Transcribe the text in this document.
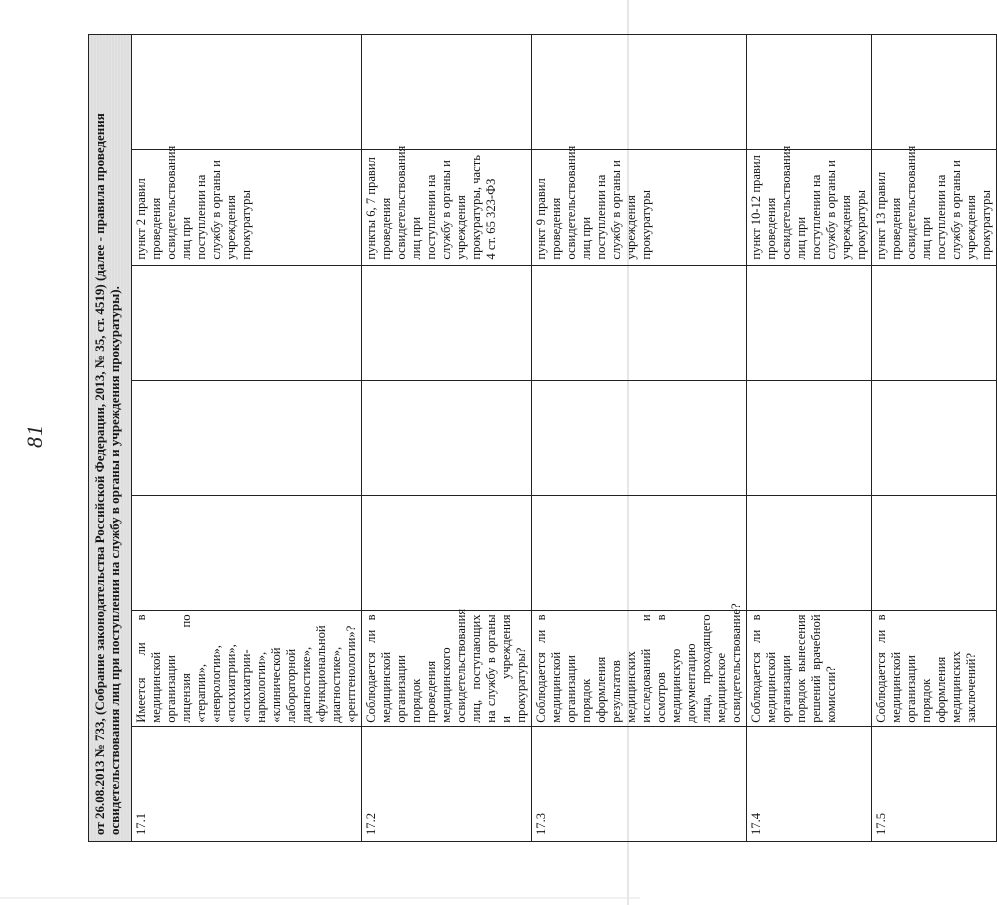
81	от 26.08.2013 № 733, (Собрание законодательства Российской Федерации, 2013, № 35, ст. 4519) (далее - правила проведения освидетельствования лиц при поступлении на службу в органы и учреждения прокуратуры).						
17.1	Имеется ли в медицинской организации лицензия по «терапии», «неврологии», «психиатрии», «психиатрии-наркологии», «клинической лабораторной диагностике», «функциональной диагностике», «рентгенологии»?				пункт 2 правил проведения освидетельствования лиц при поступлении на службу в органы и учреждения прокуратуры	
17.2	Соблюдается ли в медицинской организации порядок проведения медицинского освидетельствования лиц, поступающих на службу в органы и учреждения прокуратуры?				пункты 6, 7 правил проведения освидетельствования лиц при поступлении на службу в органы и учреждения прокуратуры, часть 4 ст. 65 323-ФЗ	
17.3	Соблюдается ли в медицинской организации порядок оформления результатов медицинских исследований и осмотров в медицинскую документацию лица, проходящего медицинское освидетельствование?				пункт 9 правил проведения освидетельствования лиц при поступлении на службу в органы и учреждения прокуратуры	
17.4	Соблюдается ли в медицинской организации порядок вынесения решений врачебной комиссии?				пункт 10-12 правил проведения освидетельствования лиц при поступлении на службу в органы и учреждения прокуратуры	
17.5	Соблюдается ли в медицинской организации порядок оформления медицинских заключений?				пункт 13 правил проведения освидетельствования лиц при поступлении на службу в органы и учреждения прокуратуры	
